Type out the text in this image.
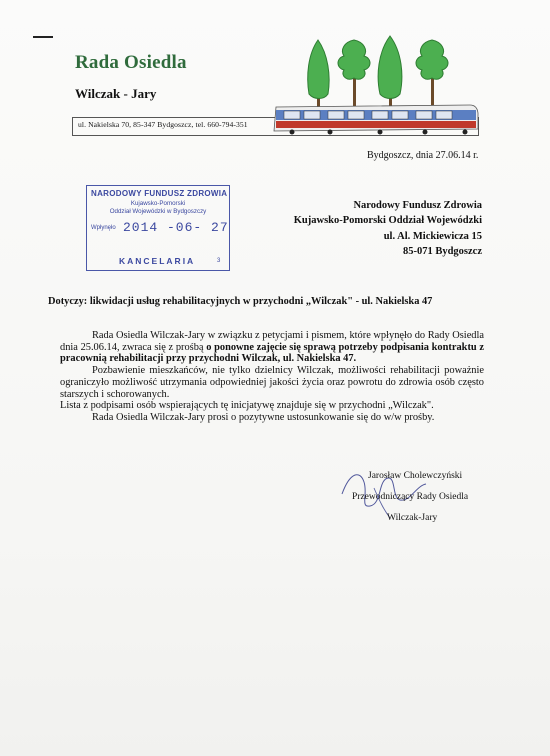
Rada Osiedla
Wilczak - Jary
ul. Nakielska 70, 85-347 Bydgoszcz, tel. 660-794-351
Bydgoszcz, dnia 27.06.14 r.
NARODOWY FUNDUSZ ZDROWIA
Kujawsko-Pomorski
Oddział Wojewódzki w Bydgoszczy
Wpłynęło 2014 -06- 27
KANCELARIA	3
Narodowy Fundusz Zdrowia
Kujawsko-Pomorski Oddział Wojewódzki
ul. Al. Mickiewicza 15
85-071 Bydgoszcz
Dotyczy: likwidacji usług rehabilitacyjnych w przychodni „Wilczak" - ul. Nakielska 47

Rada Osiedla Wilczak-Jary w związku z petycjami i pismem, które wpłynęło do Rady Osiedla dnia 25.06.14, zwraca się z prośbą o ponowne zajęcie się sprawą potrzeby podpisania kontraktu z pracownią rehabilitacji przy przychodni Wilczak, ul. Nakielska 47.

Pozbawienie mieszkańców, nie tylko dzielnicy Wilczak, możliwości rehabilitacji poważnie ograniczyło możliwość utrzymania odpowiedniej jakości życia oraz powrotu do zdrowia osób często starszych i schorowanych.

Lista z podpisami osób wspierających tę inicjatywę znajduje się w przychodni „Wilczak".

Rada Osiedla Wilczak-Jary prosi o pozytywne ustosunkowanie się do w/w prośby.

Jarosław Cholewczyński
Przewodniczący Rady Osiedla
Wilczak-Jary
